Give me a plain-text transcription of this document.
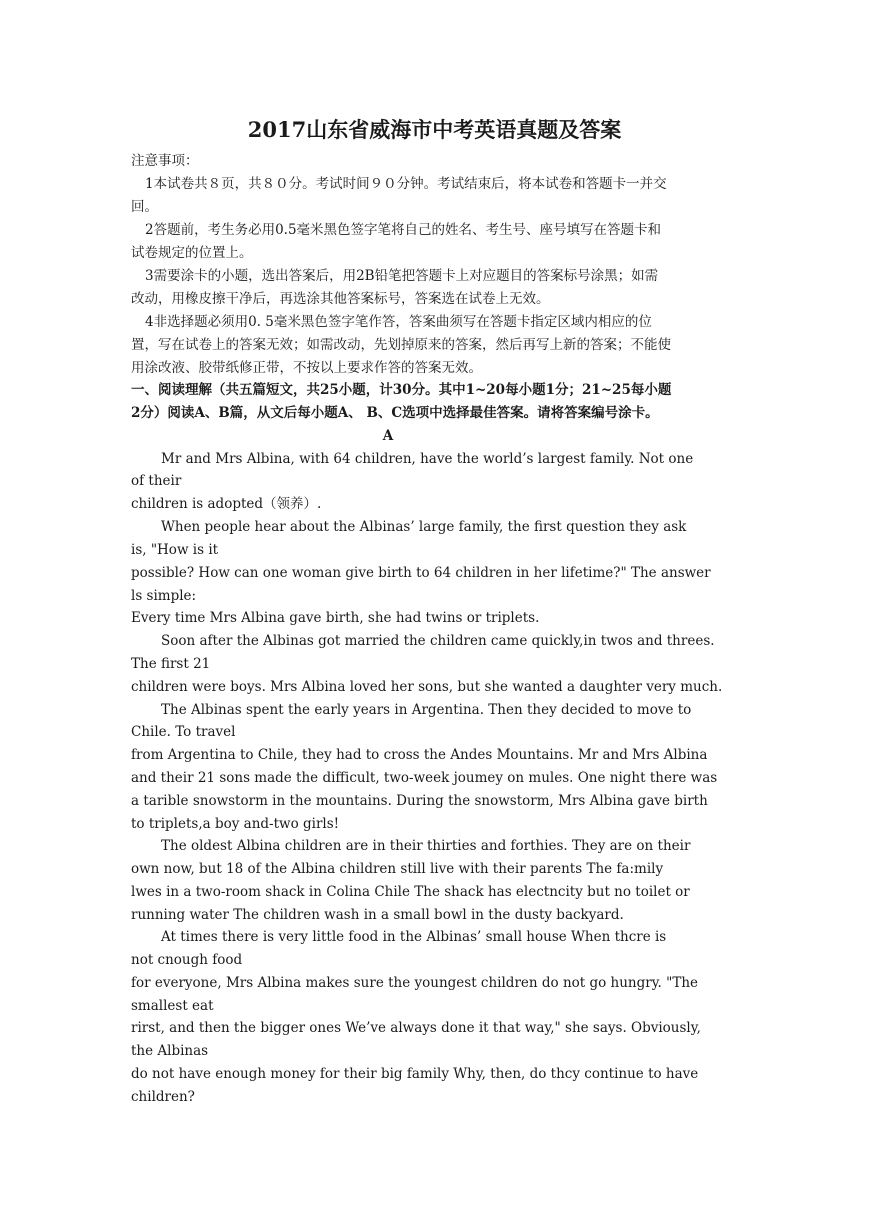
2017山东省威海市中考英语真题及答案
注意事项：
1本试卷共８页，共８０分。考试时间９０分钟。考试结束后，将本试卷和答题卡一并交
回。
2答题前，考生务必用0.5毫米黑色签字笔将自己的姓名、考生号、座号填写在答题卡和
试卷规定的位置上。
3需要涂卡的小题，选出答案后，用2B铅笔把答题卡上对应题目的答案标号涂黑；如需
改动，用橡皮擦干净后，再选涂其他答案标号，答案选在试卷上无效。
4非选择题必须用0. 5毫米黑色签字笔作答，答案曲须写在答题卡指定区域内相应的位
置，写在试卷上的答案无效；如需改动，先划掉原来的答案，然后再写上新的答案；不能使
用涂改液、胶带纸修正带，不按以上要求作答的答案无效。
一、阅读理解（共五篇短文，共25小题，计30分。其中1~20每小题1分；21~25每小题
2分）阅读A、B篇，从文后每小题A、 B、C选项中选择最佳答案。请将答案编号涂卡。
A
Mr and Mrs Albina, with 64 children, have the world’s largest family. Not one
of their
children is adopted（领养）.
When people hear about the Albinas’ large family, the first question they ask
is, "How is it
possible? How can one woman give birth to 64 children in her lifetime?" The answer
ls simple:
Every time Mrs Albina gave birth, she had twins or triplets.
Soon after the Albinas got married the children came quickly,in twos and threes.
The first 21
children were boys. Mrs Albina loved her sons, but she wanted a daughter very much.
The Albinas spent the early years in Argentina. Then they decided to move to
Chile. To travel
from Argentina to Chile, they had to cross the Andes Mountains. Mr and Mrs Albina
and their 21 sons made the difficult, two-week joumey on mules. One night there was
a tarible snowstorm in the mountains. During the snowstorm, Mrs Albina gave birth
to triplets,a boy and-two girls!
The oldest Albina children are in their thirties and forthies. They are on their
own now, but 18 of the Albina children still live with their parents The fa:mily
lwes in a two-room shack in Colina Chile The shack has electncity but no toilet or
running water The children wash in a small bowl in the dusty backyard.
At times there is very little food in the Albinas’ small house When thcre is
not cnough food
for everyone, Mrs Albina makes sure the youngest children do not go hungry. "The
smallest eat
rirst, and then the bigger ones We’ve always done it that way," she says. Obviously,
the Albinas
do not have enough money for their big family Why, then, do thcy continue to have
children?
